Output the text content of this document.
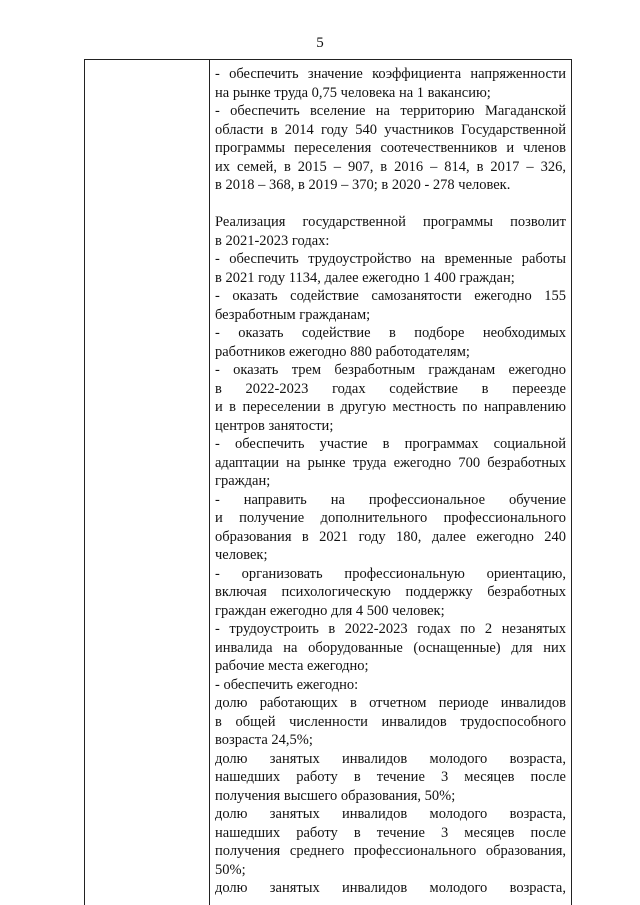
5
- обеспечить значение коэффициента напряженности
на рынке труда 0,75 человека на 1 вакансию;
- обеспечить вселение на территорию Магаданской
области в 2014 году 540 участников Государственной
программы переселения соотечественников и членов
их семей, в 2015 – 907, в 2016 – 814, в 2017 – 326,
в 2018 – 368, в 2019 – 370; в 2020 - 278 человек.
Реализация государственной программы позволит
в 2021-2023 годах:
- обеспечить трудоустройство на временные работы
в 2021 году 1134, далее ежегодно 1 400 граждан;
- оказать содействие самозанятости ежегодно 155
безработным гражданам;
- оказать содействие в подборе необходимых
работников ежегодно 880 работодателям;
- оказать трем безработным гражданам ежегодно
в 2022-2023 годах содействие в переезде
и в переселении в другую местность по направлению
центров занятости;
- обеспечить участие в программах социальной
адаптации на рынке труда ежегодно 700 безработных
граждан;
- направить на профессиональное обучение
и получение дополнительного профессионального
образования в 2021 году 180, далее ежегодно 240
человек;
- организовать профессиональную ориентацию,
включая психологическую поддержку безработных
граждан ежегодно для 4 500 человек;
- трудоустроить в 2022-2023 годах по 2 незанятых
инвалида на оборудованные (оснащенные) для них
рабочие места ежегодно;
- обеспечить ежегодно:
долю работающих в отчетном периоде инвалидов
в общей численности инвалидов трудоспособного
возраста 24,5%;
долю занятых инвалидов молодого возраста,
нашедших работу в течение 3 месяцев после
получения высшего образования, 50%;
долю занятых инвалидов молодого возраста,
нашедших работу в течение 3 месяцев после
получения среднего профессионального образования,
50%;
долю занятых инвалидов молодого возраста,
